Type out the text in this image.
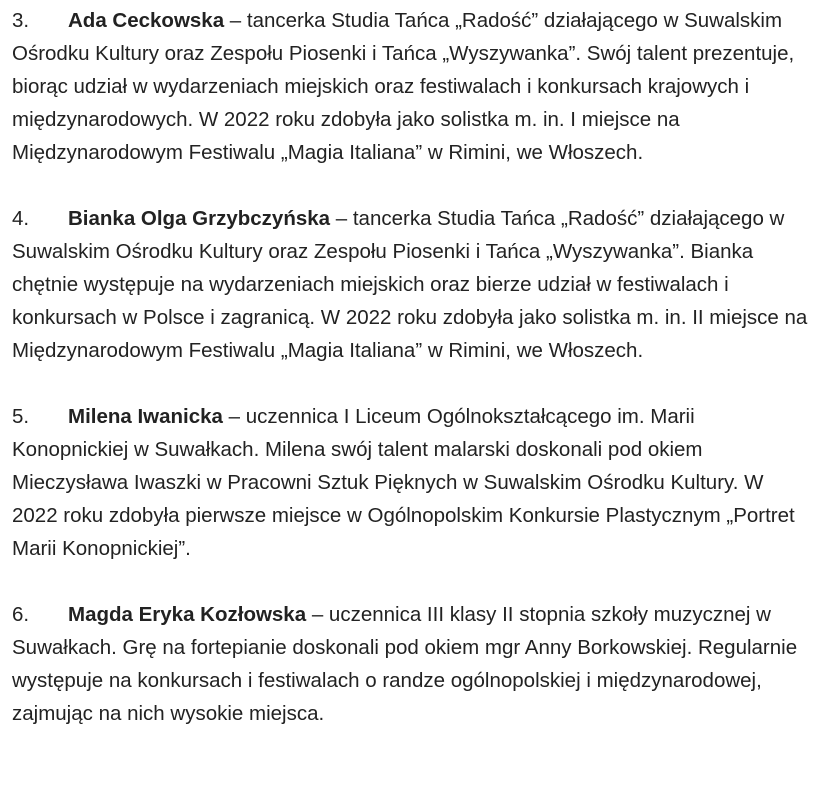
3. Ada Ceckowska – tancerka Studia Tańca „Radość” działającego w Suwalskim Ośrodku Kultury oraz Zespołu Piosenki i Tańca „Wyszywanka”. Swój talent prezentuje, biorąc udział w wydarzeniach miejskich oraz festiwalach i konkursach krajowych i międzynarodowych. W 2022 roku zdobyła jako solistka m. in. I miejsce na Międzynarodowym Festiwalu „Magia Italiana” w Rimini, we Włoszech.

4. Bianka Olga Grzybczyńska – tancerka Studia Tańca „Radość” działającego w Suwalskim Ośrodku Kultury oraz Zespołu Piosenki i Tańca „Wyszywanka”. Bianka chętnie występuje na wydarzeniach miejskich oraz bierze udział w festiwalach i konkursach w Polsce i zagranicą. W 2022 roku zdobyła jako solistka m. in. II miejsce na Międzynarodowym Festiwalu „Magia Italiana” w Rimini, we Włoszech.

5. Milena Iwanicka – uczennica I Liceum Ogólnokształcącego im. Marii Konopnickiej w Suwałkach. Milena swój talent malarski doskonali pod okiem Mieczysława Iwaszki w Pracowni Sztuk Pięknych w Suwalskim Ośrodku Kultury. W 2022 roku zdobyła pierwsze miejsce w Ogólnopolskim Konkursie Plastycznym „Portret Marii Konopnickiej”.

6. Magda Eryka Kozłowska – uczennica III klasy II stopnia szkoły muzycznej w Suwałkach. Grę na fortepianie doskonali pod okiem mgr Anny Borkowskiej. Regularnie występuje na konkursach i festiwalach o randze ogólnopolskiej i międzynarodowej, zajmując na nich wysokie miejsca.
